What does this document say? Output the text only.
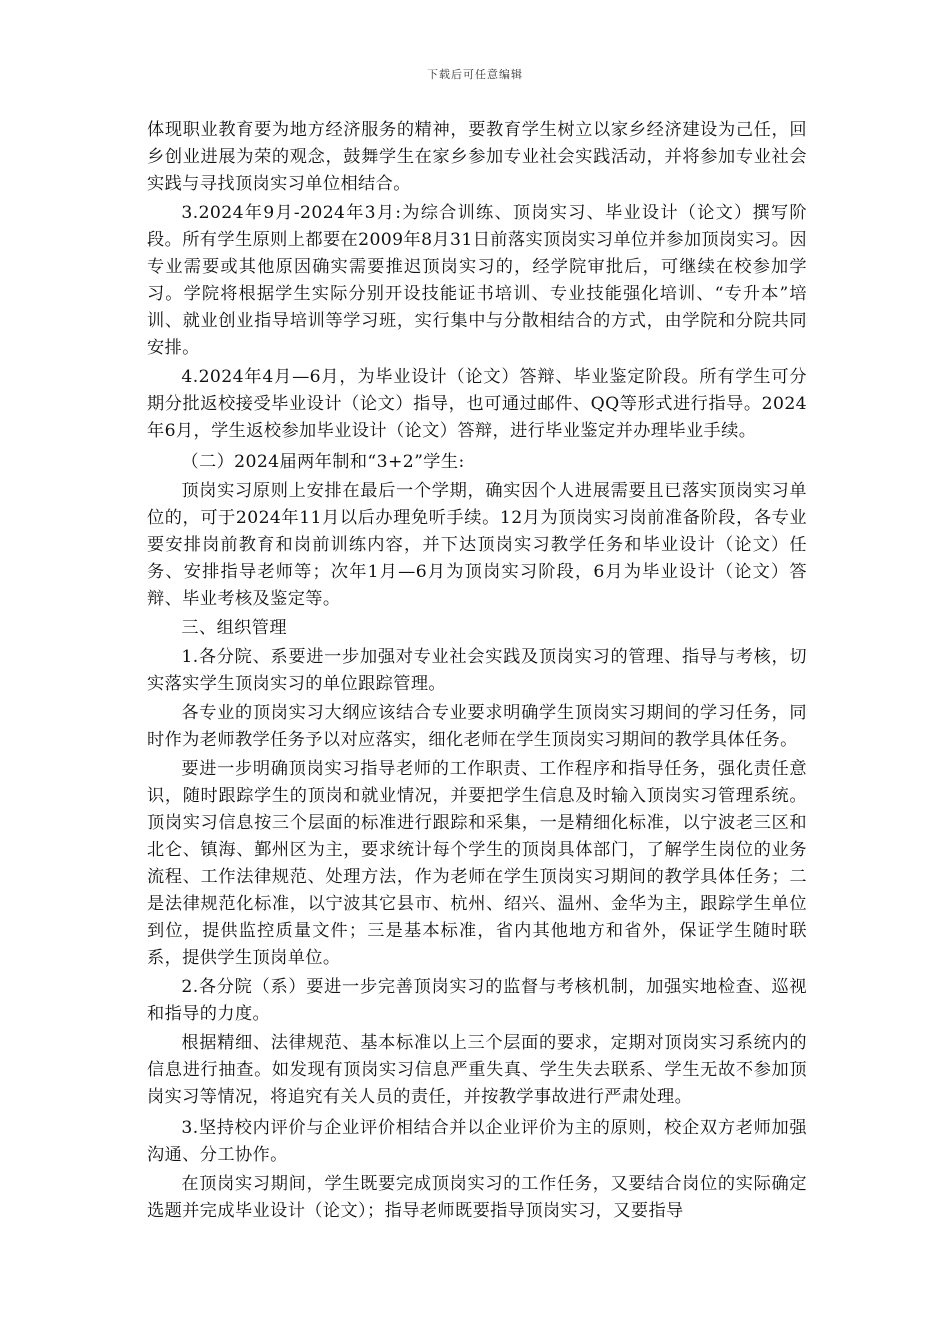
下载后可任意编辑

体现职业教育要为地方经济服务的精神，要教育学生树立以家乡经济建设为己任，回乡创业进展为荣的观念，鼓舞学生在家乡参加专业社会实践活动，并将参加专业社会实践与寻找顶岗实习单位相结合。

3.2024年9月-2024年3月:为综合训练、顶岗实习、毕业设计（论文）撰写阶段。所有学生原则上都要在2009年8月31日前落实顶岗实习单位并参加顶岗实习。因专业需要或其他原因确实需要推迟顶岗实习的，经学院审批后，可继续在校参加学习。学院将根据学生实际分别开设技能证书培训、专业技能强化培训、“专升本”培训、就业创业指导培训等学习班，实行集中与分散相结合的方式，由学院和分院共同安排。

4.2024年4月—6月，为毕业设计（论文）答辩、毕业鉴定阶段。所有学生可分期分批返校接受毕业设计（论文）指导，也可通过邮件、QQ等形式进行指导。2024年6月，学生返校参加毕业设计（论文）答辩，进行毕业鉴定并办理毕业手续。

（二）2024届两年制和“3+2”学生:

顶岗实习原则上安排在最后一个学期，确实因个人进展需要且已落实顶岗实习单位的，可于2024年11月以后办理免听手续。12月为顶岗实习岗前准备阶段，各专业要安排岗前教育和岗前训练内容，并下达顶岗实习教学任务和毕业设计（论文）任务、安排指导老师等；次年1月—6月为顶岗实习阶段，6月为毕业设计（论文）答辩、毕业考核及鉴定等。

三、组织管理

1.各分院、系要进一步加强对专业社会实践及顶岗实习的管理、指导与考核，切实落实学生顶岗实习的单位跟踪管理。

各专业的顶岗实习大纲应该结合专业要求明确学生顶岗实习期间的学习任务，同时作为老师教学任务予以对应落实，细化老师在学生顶岗实习期间的教学具体任务。

要进一步明确顶岗实习指导老师的工作职责、工作程序和指导任务，强化责任意识，随时跟踪学生的顶岗和就业情况，并要把学生信息及时输入顶岗实习管理系统。顶岗实习信息按三个层面的标准进行跟踪和采集，一是精细化标准，以宁波老三区和北仑、镇海、鄞州区为主，要求统计每个学生的顶岗具体部门，了解学生岗位的业务流程、工作法律规范、处理方法，作为老师在学生顶岗实习期间的教学具体任务；二是法律规范化标准，以宁波其它县市、杭州、绍兴、温州、金华为主，跟踪学生单位到位，提供监控质量文件；三是基本标准，省内其他地方和省外，保证学生随时联系，提供学生顶岗单位。

2.各分院（系）要进一步完善顶岗实习的监督与考核机制，加强实地检查、巡视和指导的力度。

根据精细、法律规范、基本标准以上三个层面的要求，定期对顶岗实习系统内的信息进行抽查。如发现有顶岗实习信息严重失真、学生失去联系、学生无故不参加顶岗实习等情况，将追究有关人员的责任，并按教学事故进行严肃处理。

3.坚持校内评价与企业评价相结合并以企业评价为主的原则，校企双方老师加强沟通、分工协作。

在顶岗实习期间，学生既要完成顶岗实习的工作任务，又要结合岗位的实际确定选题并完成毕业设计（论文）；指导老师既要指导顶岗实习，又要指导
